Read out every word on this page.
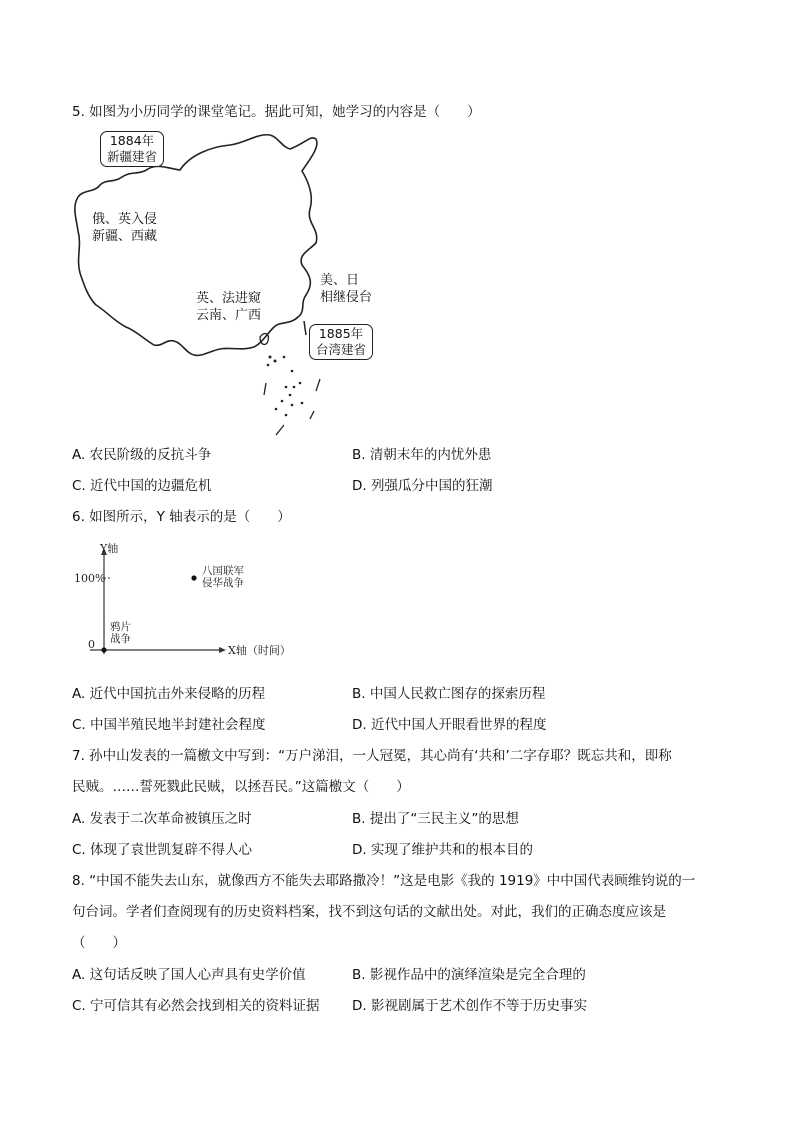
5. 如图为小历同学的课堂笔记。据此可知，她学习的内容是（　　）
1884年
新疆建省
俄、英入侵
新疆、西藏
英、法进窥
云南、广西
美、日
相继侵台
1885年
台湾建省
A. 农民阶级的反抗斗争	B. 清朝末年的内忧外患
C. 近代中国的边疆危机	D. 列强瓜分中国的狂潮
6. 如图所示，Y 轴表示的是（　　）
100%
0
Y轴
X轴（时间）
鸦片
战争
八国联军
侵华战争
A. 近代中国抗击外来侵略的历程	B. 中国人民救亡图存的探索历程
C. 中国半殖民地半封建社会程度	D. 近代中国人开眼看世界的程度
7. 孙中山发表的一篇檄文中写到：“万户涕泪，一人冠冕，其心尚有‘共和’二字存耶？既忘共和，即称
民贼。……誓死戮此民贼，以拯吾民。”这篇檄文（　　）
A. 发表于二次革命被镇压之时	B. 提出了“三民主义”的思想
C. 体现了袁世凯复辟不得人心	D. 实现了维护共和的根本目的
8. “中国不能失去山东，就像西方不能失去耶路撒冷！”这是电影《我的 1919》中中国代表顾维钧说的一
句台词。学者们查阅现有的历史资料档案，找不到这句话的文献出处。对此，我们的正确态度应该是
（　　）
A. 这句话反映了国人心声具有史学价值	B. 影视作品中的演绎渲染是完全合理的
C. 宁可信其有必然会找到相关的资料证据 D. 影视剧属于艺术创作不等于历史事实
